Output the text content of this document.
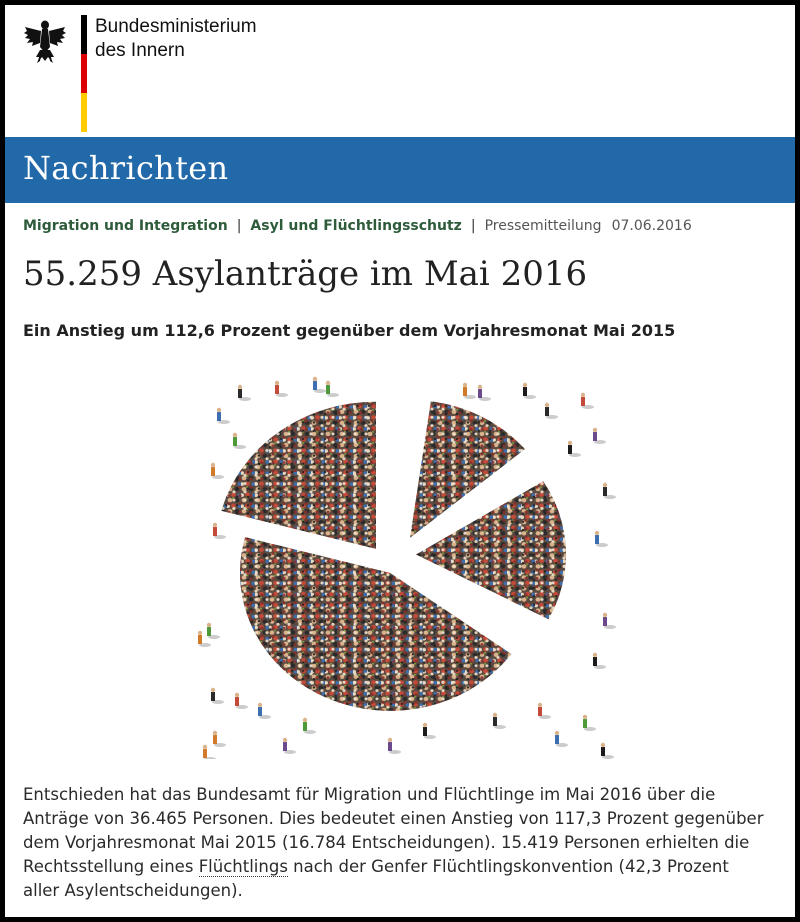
Bundesministerium
des Innern
Nachrichten
Migration und Integration | Asyl und Flüchtlingsschutz | Pressemitteilung 07.06.2016
55.259 Asylanträge im Mai 2016
Ein Anstieg um 112,6 Prozent gegenüber dem Vorjahresmonat Mai 2015
Entschieden hat das Bundesamt für Migration und Flüchtlinge im Mai 2016 über die
Anträge von 36.465 Personen. Dies bedeutet einen Anstieg von 117,3 Prozent gegenüber
dem Vorjahresmonat Mai 2015 (16.784 Entscheidungen). 15.419 Personen erhielten die
Rechtsstellung eines Flüchtlings nach der Genfer Flüchtlingskonvention (42,3 Prozent
aller Asylentscheidungen).
